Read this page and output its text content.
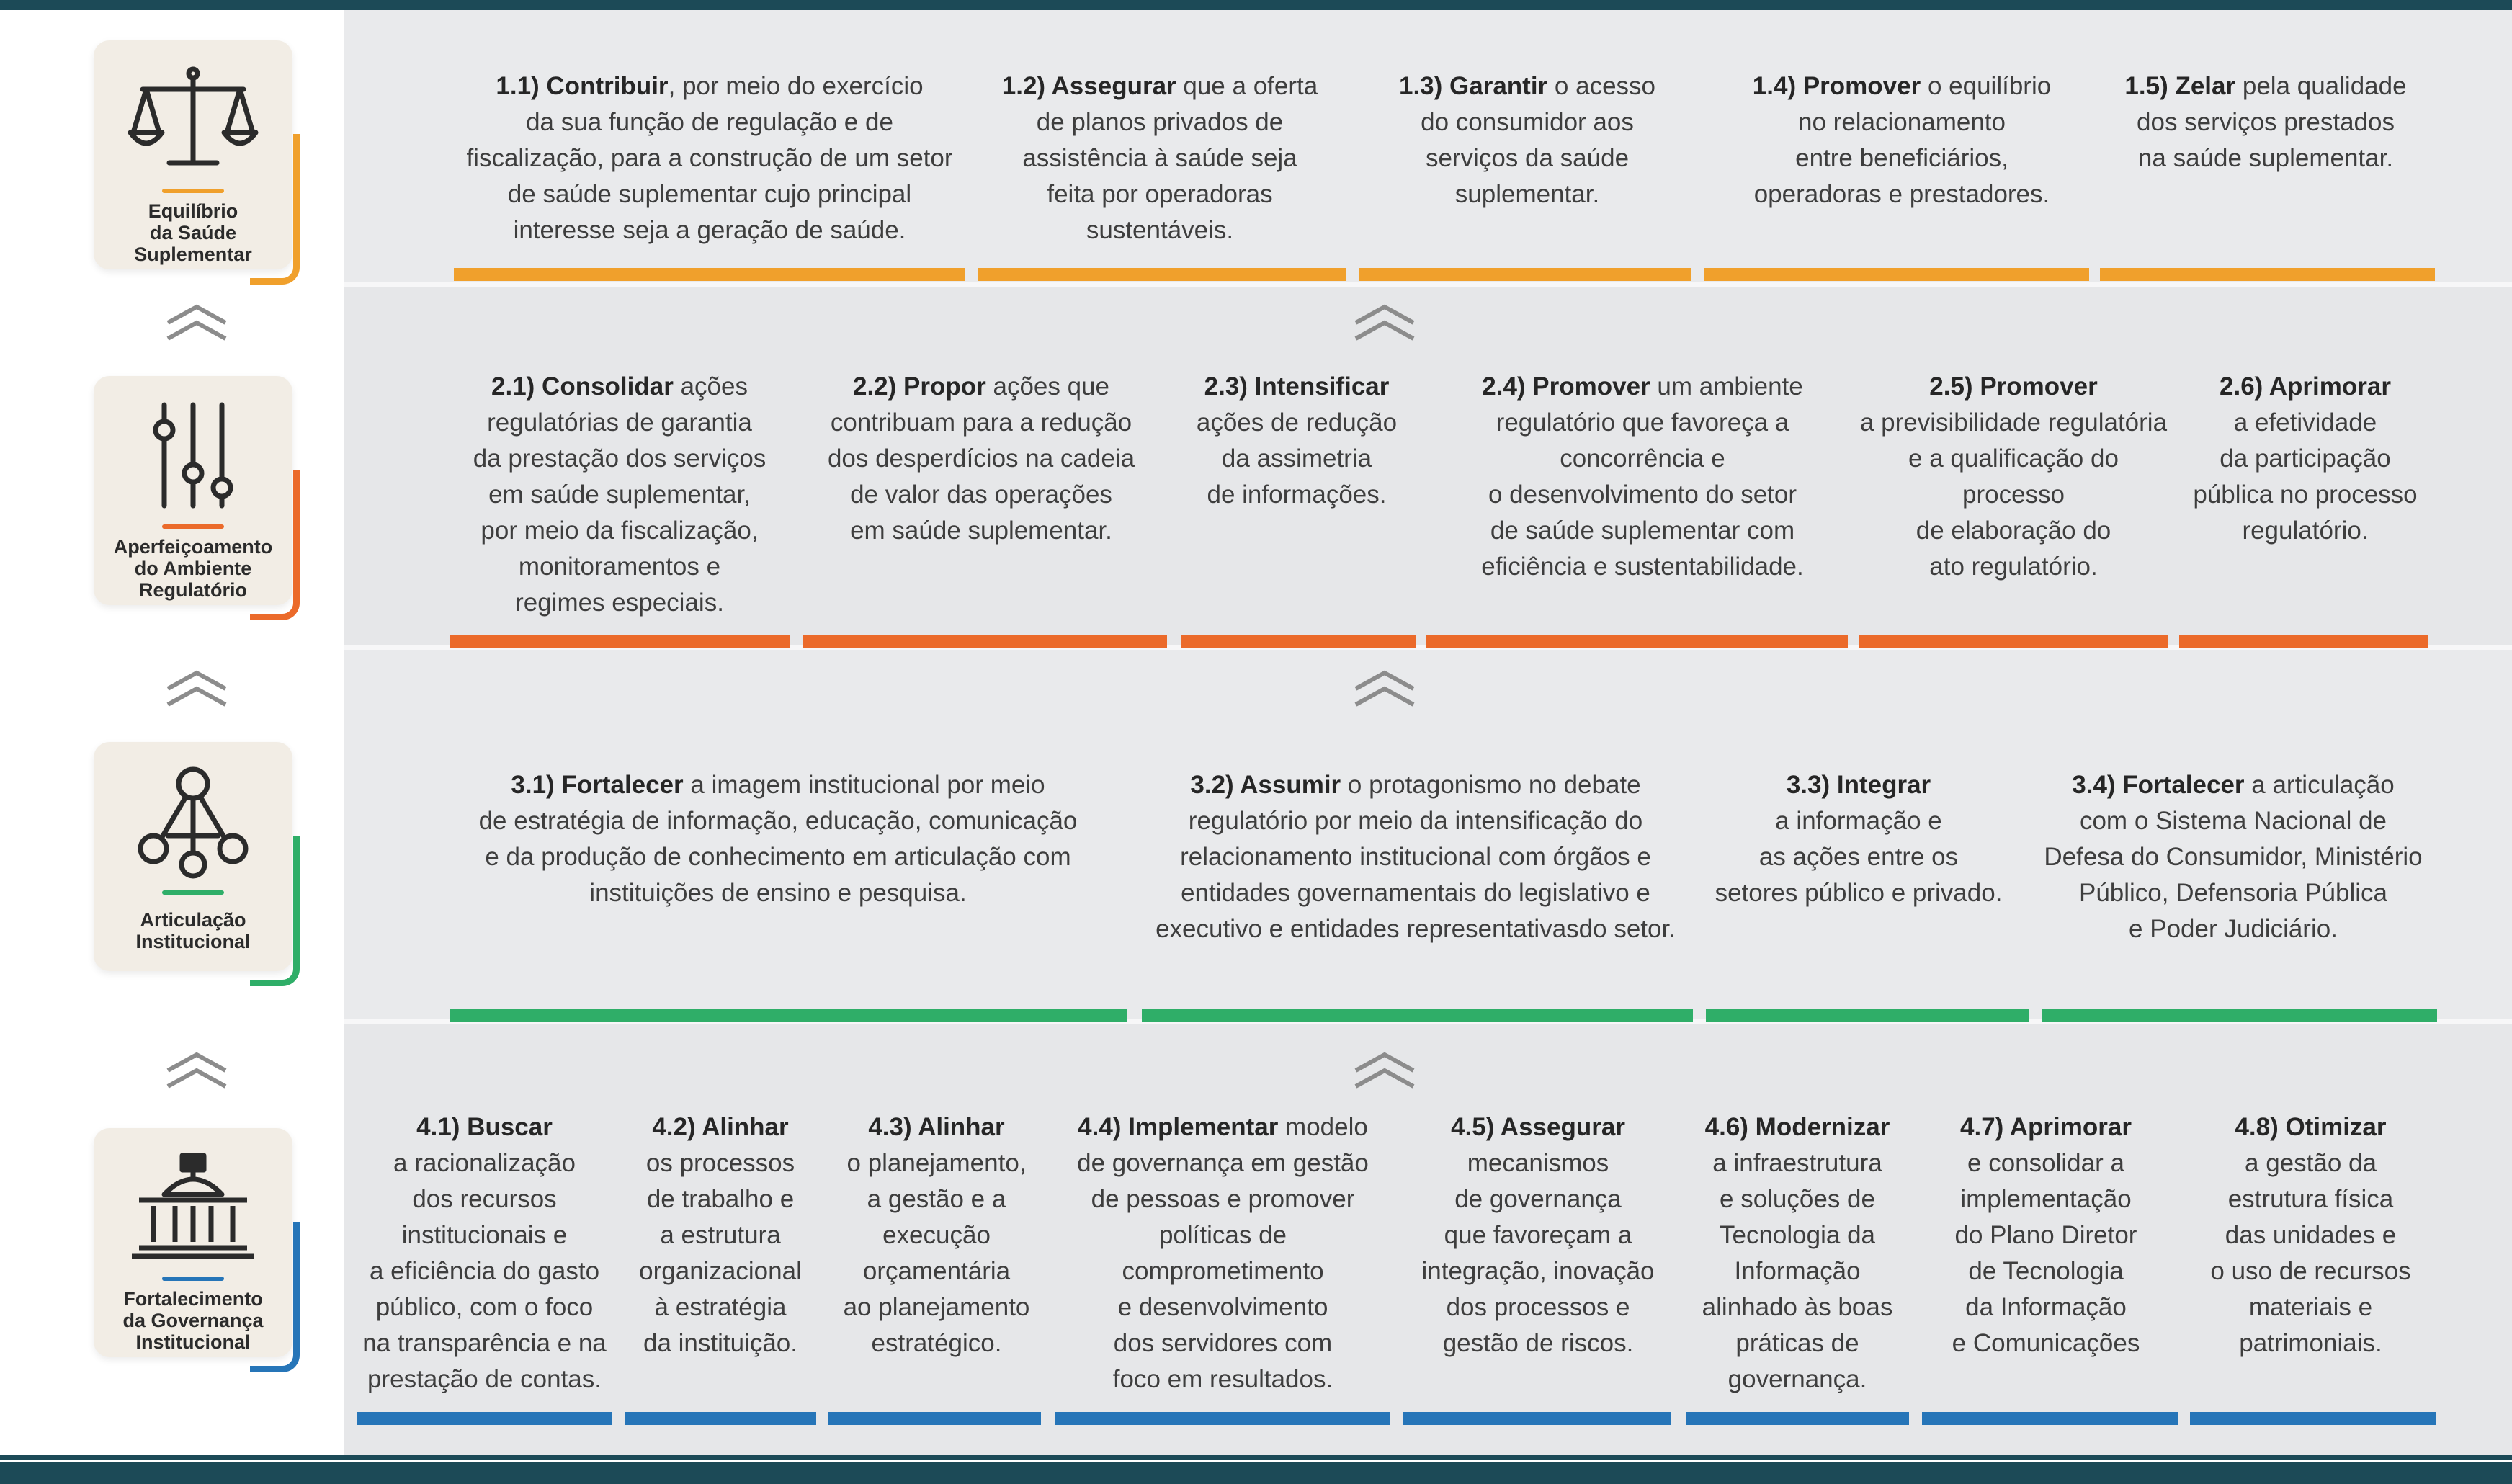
Equilíbrio
da Saúde
Suplementar
Aperfeiçoamento
do Ambiente
Regulatório
Articulação
Institucional
Fortalecimento
da Governança
Institucional
1.1) Contribuir, por meio do exercício
da sua função de regulação e de
fiscalização, para a construção de um setor
de saúde suplementar cujo principal
interesse seja a geração de saúde.
1.2) Assegurar que a oferta
de planos privados de
assistência à saúde seja
feita por operadoras
sustentáveis.
1.3) Garantir o acesso
do consumidor aos
serviços da saúde
suplementar.
1.4) Promover o equilíbrio
no relacionamento
entre beneficiários,
operadoras e prestadores.
1.5) Zelar pela qualidade
dos serviços prestados
na saúde suplementar.
2.1) Consolidar ações
regulatórias de garantia
da prestação dos serviços
em saúde suplementar,
por meio da fiscalização,
monitoramentos e
regimes especiais.
2.2) Propor ações que
contribuam para a redução
dos desperdícios na cadeia
de valor das operações
em saúde suplementar.
2.3) Intensificar
ações de redução
da assimetria
de informações.
2.4) Promover um ambiente
regulatório que favoreça a
concorrência e
o desenvolvimento do setor
de saúde suplementar com
eficiência e sustentabilidade.
2.5) Promover
a previsibilidade regulatória
e a qualificação do processo
de elaboração do
ato regulatório.
2.6) Aprimorar
a efetividade
da participação
pública no processo
regulatório.
3.1) Fortalecer a imagem institucional por meio
de estratégia de informação, educação, comunicação
e da produção de conhecimento em articulação com
instituições de ensino e pesquisa.
3.2) Assumir o protagonismo no debate
regulatório por meio da intensificação do
relacionamento institucional com órgãos e
entidades governamentais do legislativo e
executivo e entidades representativasdo setor.
3.3) Integrar
a informação e
as ações entre os
setores público e privado.
3.4) Fortalecer a articulação
com o Sistema Nacional de
Defesa do Consumidor, Ministério
Público, Defensoria Pública
e Poder Judiciário.
4.1) Buscar
a racionalização
dos recursos
institucionais e
a eficiência do gasto
público, com o foco
na transparência e na
prestação de contas.
4.2) Alinhar
os processos
de trabalho e
a estrutura
organizacional
à estratégia
da instituição.
4.3) Alinhar
o planejamento,
a gestão e a
execução
orçamentária
ao planejamento
estratégico.
4.4) Implementar modelo
de governança em gestão
de pessoas e promover
políticas de
comprometimento
e desenvolvimento
dos servidores com
foco em resultados.
4.5) Assegurar
mecanismos
de governança
que favoreçam a
integração, inovação
dos processos e
gestão de riscos.
4.6) Modernizar
a infraestrutura
e soluções de
Tecnologia da
Informação
alinhado às boas
práticas de
governança.
4.7) Aprimorar
e consolidar a
implementação
do Plano Diretor
de Tecnologia
da Informação
e Comunicações
4.8) Otimizar
a gestão da
estrutura física
das unidades e
o uso de recursos
materiais e
patrimoniais.
